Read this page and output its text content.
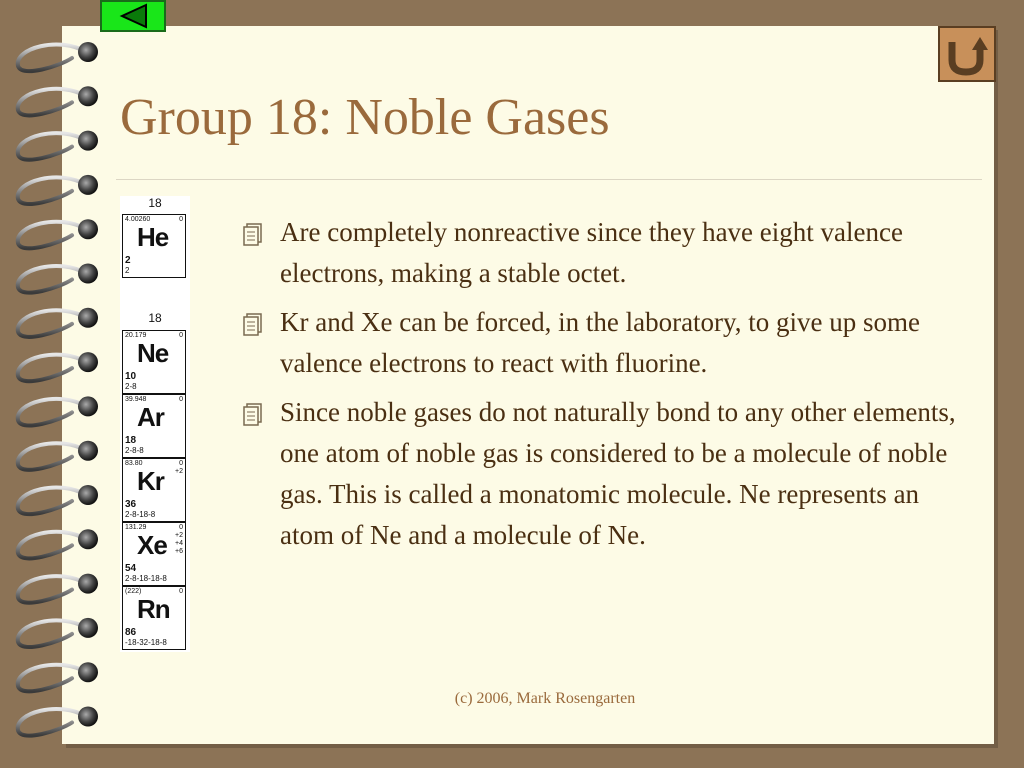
Group 18: Noble Gases
18
4.00260	0
He
2
2
18
20.179	0
Ne
10
2-8
39.948	0
Ar
18
2-8-8
83.80	0
+2
Kr
36
2-8-18-8
131.29	0
+2
+4
+6
Xe
54
2-8-18-18-8
(222)	0
Rn
86
-18-32-18-8
Are completely nonreactive since they have eight valence electrons, making a stable octet.
Kr and Xe can be forced, in the laboratory, to give up some valence electrons to react with fluorine.
Since noble gases do not naturally bond to any other elements, one atom of noble gas is considered to be a molecule of noble gas. This is called a monatomic molecule. Ne represents an atom of Ne and a molecule of Ne.
(c) 2006, Mark Rosengarten
